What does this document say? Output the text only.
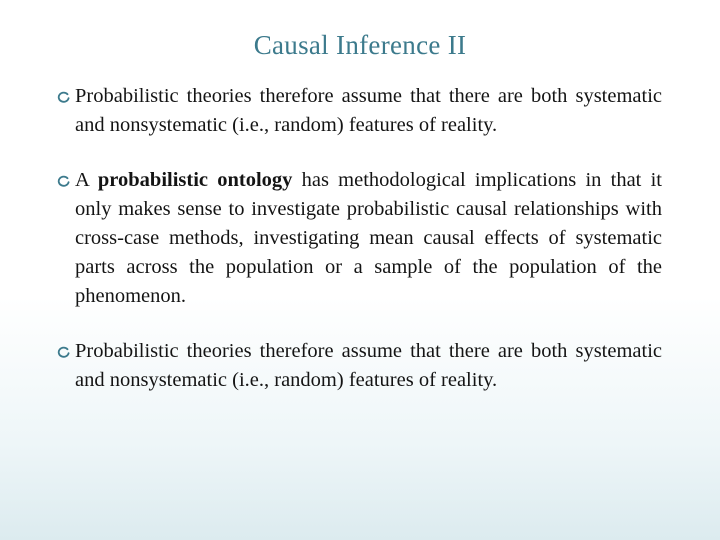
Causal Inference II
Probabilistic theories therefore assume that there are both systematic and nonsystematic (i.e., random) features of reality.
A probabilistic ontology has methodological implications in that it only makes sense to investigate probabilistic causal relationships with cross-case methods, investigating mean causal effects of systematic parts across the population or a sample of the population of the phenomenon.
Probabilistic theories therefore assume that there are both systematic and nonsystematic (i.e., random) features of reality.
